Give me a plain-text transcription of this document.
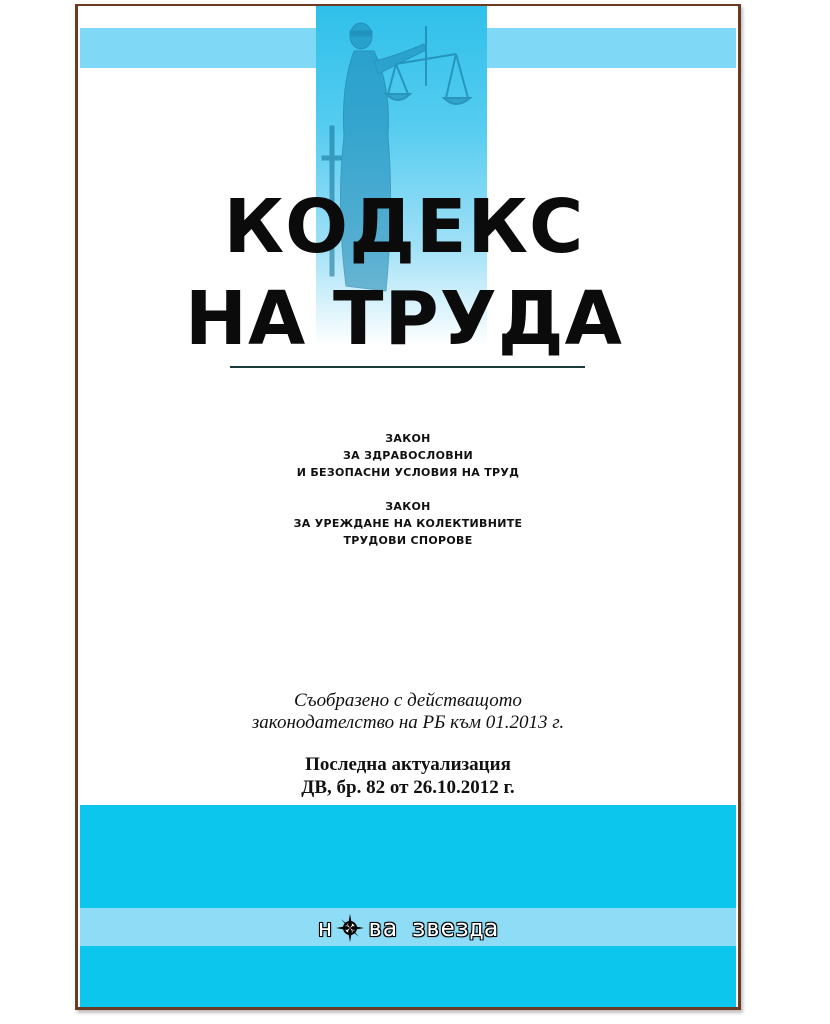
КОДЕКС
НА ТРУДА
ЗАКОН
ЗА ЗДРАВОСЛОВНИ
И БЕЗОПАСНИ УСЛОВИЯ НА ТРУД
ЗАКОН
ЗА УРЕЖДАНЕ НА КОЛЕКТИВНИТЕ
ТРУДОВИ СПОРОВЕ
Съобразено с действащото
законодателство на РБ към 01.2013 г.
Последна актуализация
ДВ, бр. 82 от 26.10.2012 г.
н ва звезда
